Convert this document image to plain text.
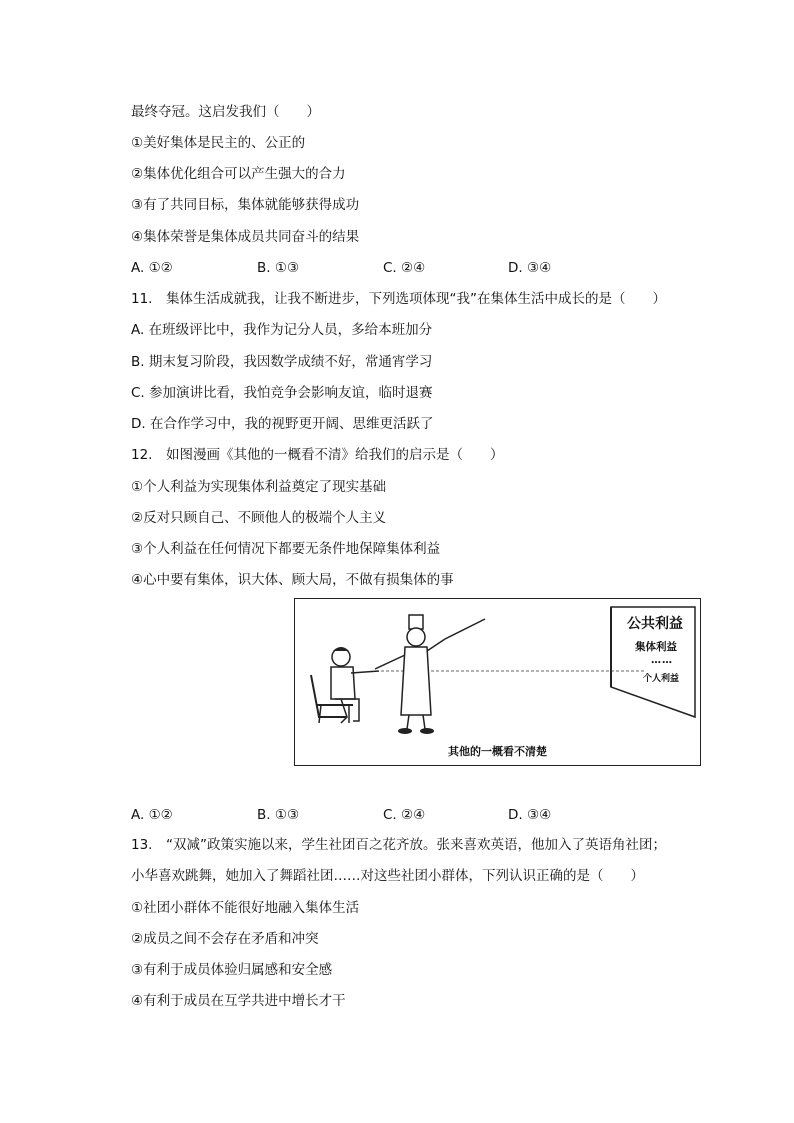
最终夺冠。这启发我们（　　）
①美好集体是民主的、公正的
②集体优化组合可以产生强大的合力
③有了共同目标，集体就能够获得成功
④集体荣誉是集体成员共同奋斗的结果
A. ①②	B. ①③	C. ②④	D. ③④
11.　集体生活成就我，让我不断进步，下列选项体现“我”在集体生活中成长的是（　　）
A. 在班级评比中，我作为记分人员，多给本班加分
B. 期末复习阶段，我因数学成绩不好，常通宵学习
C. 参加演讲比看，我怕竞争会影响友谊，临时退赛
D. 在合作学习中，我的视野更开阔、思维更活跃了
12.　如图漫画《其他的一概看不清》给我们的启示是（　　）
①个人利益为实现集体利益奠定了现实基础
②反对只顾自己、不顾他人的极端个人主义
③个人利益在任何情况下都要无条件地保障集体利益
④心中要有集体，识大体、顾大局，不做有损集体的事
公共利益
集体利益
……
个人利益
其他的一概看不清楚
A. ①②	B. ①③	C. ②④	D. ③④
13.　“双减”政策实施以来，学生社团百之花齐放。张来喜欢英语，他加入了英语角社团；
小华喜欢跳舞，她加入了舞蹈社团……对这些社团小群体，下列认识正确的是（　　）
①社团小群体不能很好地融入集体生活
②成员之间不会存在矛盾和冲突
③有利于成员体验归属感和安全感
④有利于成员在互学共进中增长才干
